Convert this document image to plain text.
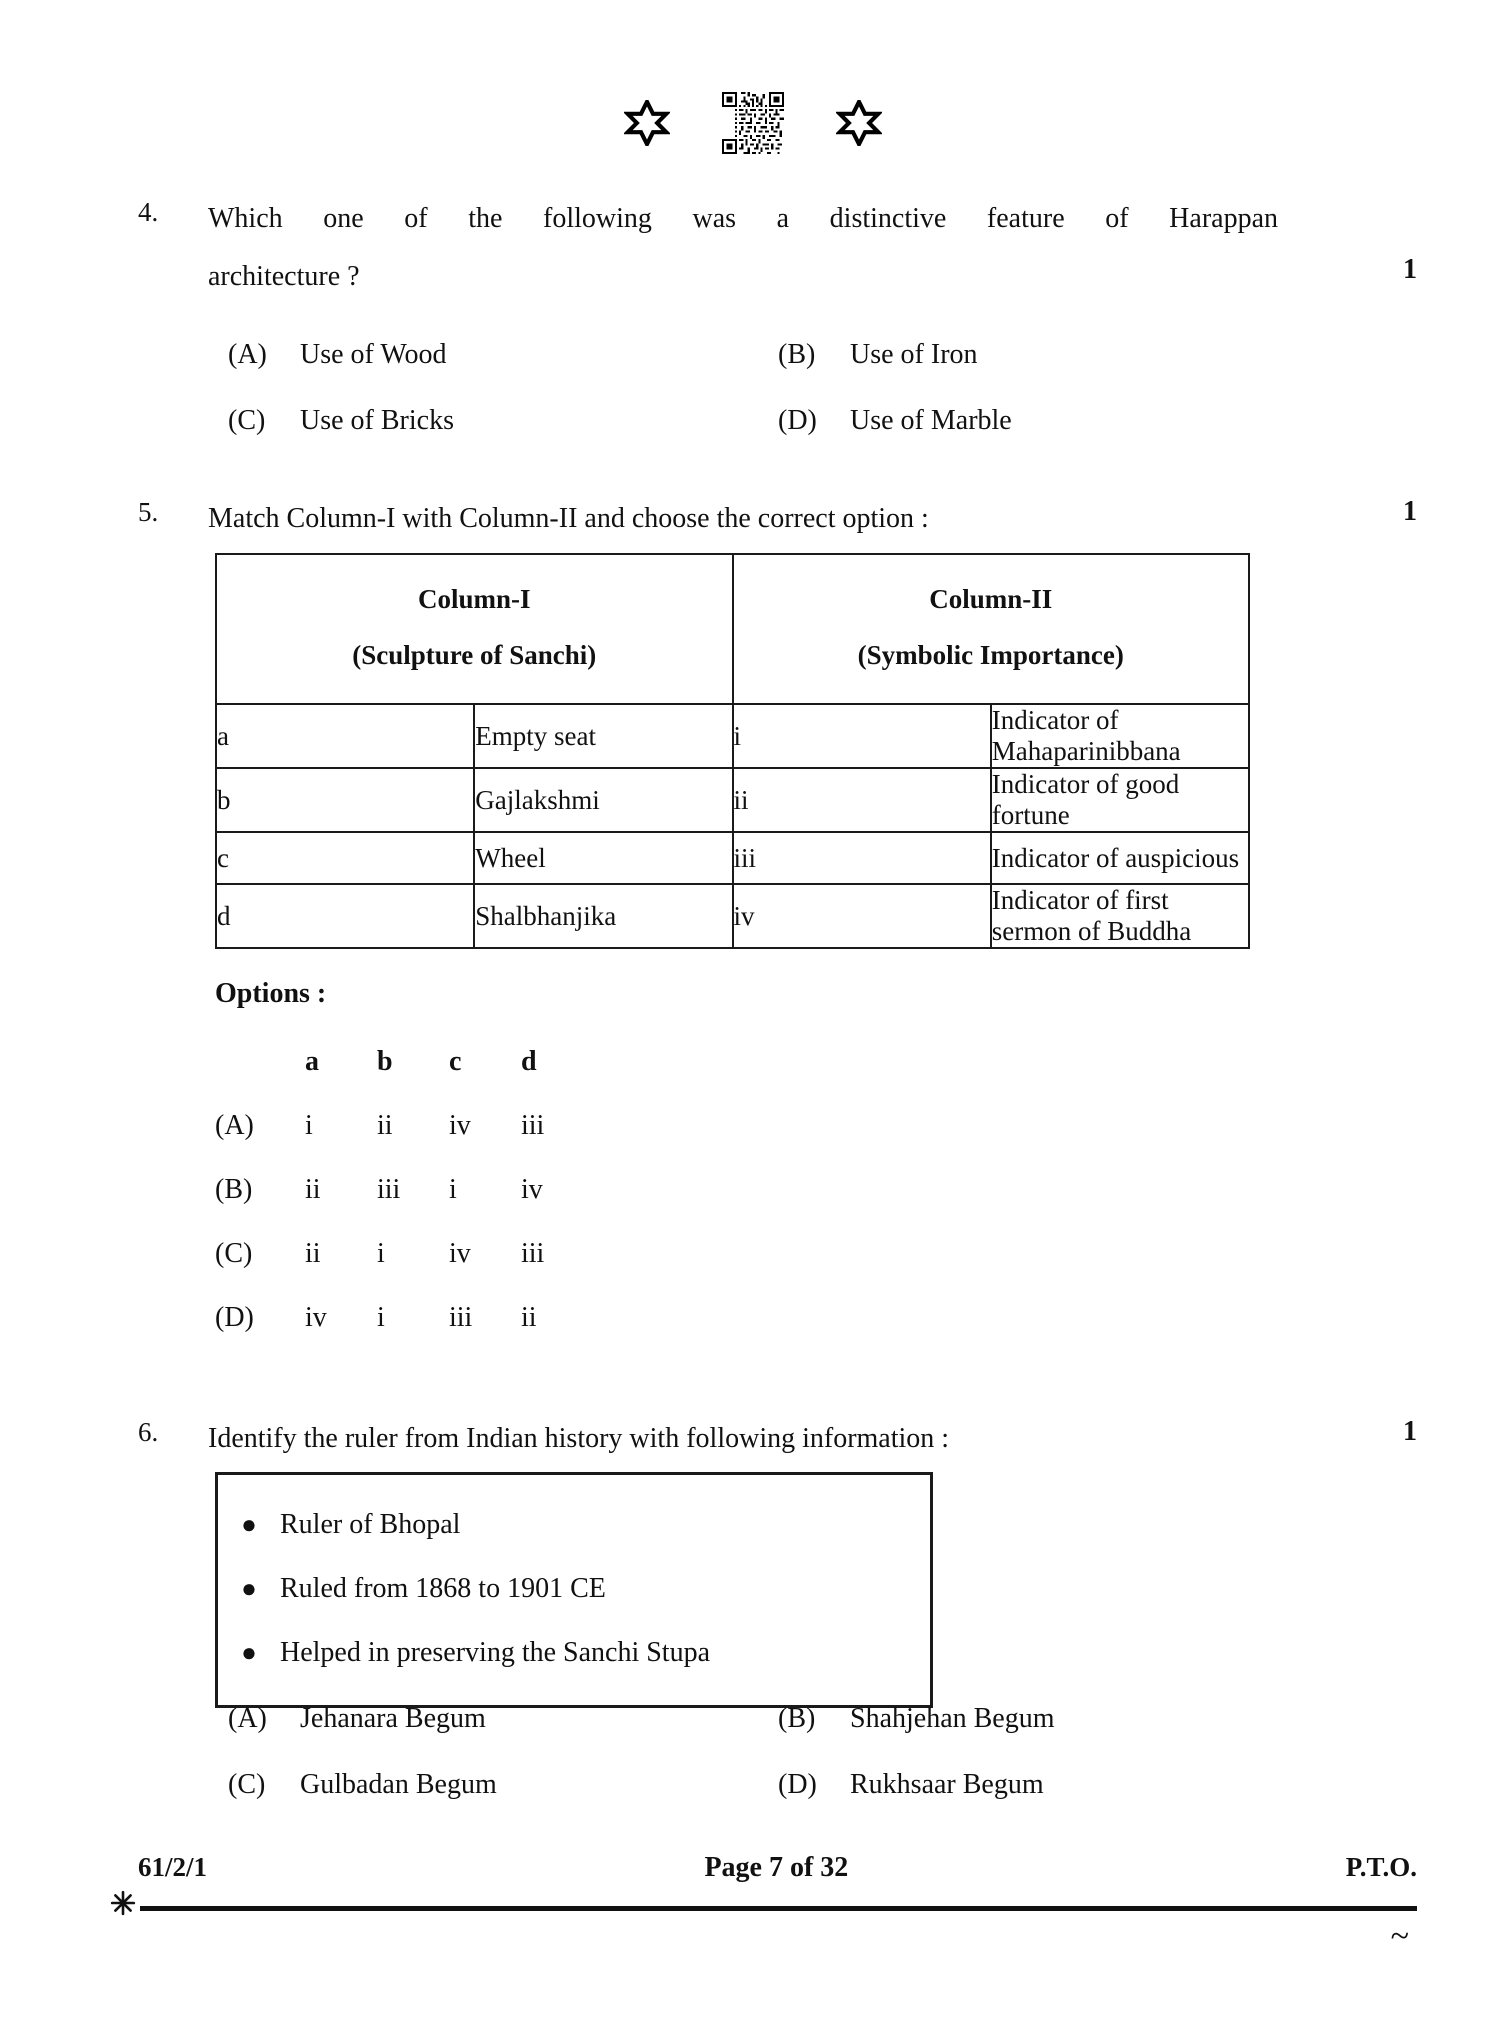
4.	Which one of the following was a distinctive feature of Harappan
architecture ?	1
(A)	Use of Wood	(B)	Use of Iron
(C)	Use of Bricks	(D)	Use of Marble
5.	Match Column-I with Column-II and choose the correct option :	1
Column-I
(Sculpture of Sanchi)

Column-II
(Symbolic Importance)

a	Empty seat	i	Indicator of Mahaparinibbana
b	Gajlakshmi	ii	Indicator of good fortune
c	Wheel	iii	Indicator of auspicious
d	Shalbhanjika	iv	Indicator of first sermon of Buddha
Options :
	a	b	c	d
(A)	i	ii	iv	iii
(B)	ii	iii	i	iv
(C)	ii	i	iv	iii
(D)	iv	i	iii	ii
6.	Identify the ruler from Indian history with following information :	1
● Ruler of Bhopal
● Ruled from 1868 to 1901 CE
● Helped in preserving the Sanchi Stupa
(A)	Jehanara Begum	(B)	Shahjehan Begum
(C)	Gulbadan Begum	(D)	Rukhsaar Begum
61/2/1	Page 7 of 32	P.T.O.
~
